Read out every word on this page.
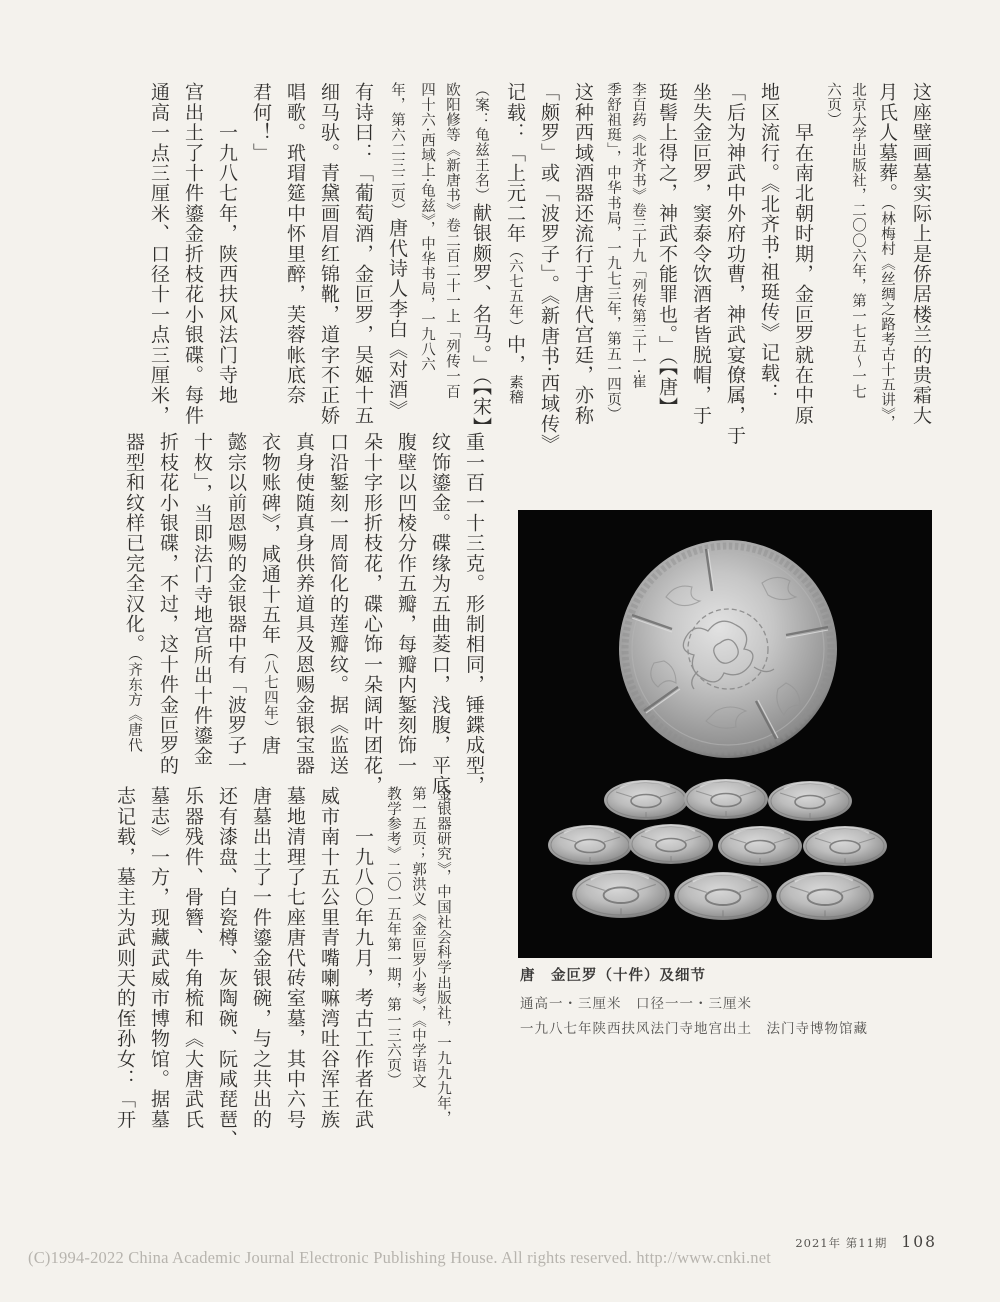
这座壁画墓实际上是侨居楼兰的贵霜大
月氏人墓葬。（林梅村《丝绸之路考古十五讲》，
北京大学出版社，二〇〇六年，第一七五～一七
六页）
　　早在南北朝时期，金叵罗就在中原
地区流行。《北齐书·祖珽传》记载：
「后为神武中外府功曹，神武宴僚属，于
坐失金叵罗，窦泰令饮酒者皆脱帽，于
珽髻上得之，神武不能罪也。」（【唐】
李百药《北齐书》卷三十九「列传第三十一·崔
季舒祖珽」，中华书局，一九七三年，第五一四页）
这种西域酒器还流行于唐代宫廷，亦称
「颇罗」或「波罗子」。《新唐书·西域传》
记载：「上元二年（六七五年）中，素稽
（案：龟兹王名）献银颇罗、名马。」（【宋】
欧阳修等《新唐书》卷二百二十一上「列传一百
四十六·西域上·龟兹》，中华书局，一九八六
年，第六二三二页）唐代诗人李白《对酒》
有诗曰：「葡萄酒，金叵罗，吴姬十五
细马驮。青黛画眉红锦靴，道字不正娇
唱歌。玳瑁筵中怀里醉，芙蓉帐底奈
君何！」
　　一九八七年，陕西扶风法门寺地
宫出土了十件鎏金折枝花小银碟。每件
通高一点三厘米、口径十一点三厘米，
重一百一十三克。形制相同，锤鍱成型，
纹饰鎏金。碟缘为五曲菱口，浅腹，平底。
腹壁以凹棱分作五瓣，每瓣内錾刻饰一
朵十字形折枝花，碟心饰一朵阔叶团花，
口沿錾刻一周简化的莲瓣纹。据《监送
真身使随真身供养道具及恩赐金银宝器
衣物账碑》，咸通十五年（八七四年）唐
懿宗以前恩赐的金银器中有「波罗子一
十枚」，当即法门寺地宫所出十件鎏金
折枝花小银碟，不过，这十件金叵罗的
器型和纹样已完全汉化。（齐东方《唐代
金银器研究》，中国社会科学出版社，一九九九年，
第一五页；郭洪义《金叵罗小考》，《中学语文
教学参考》二〇一五年第一期，第一三六页）
　　一九八〇年九月，考古工作者在武
威市南十五公里青嘴喇嘛湾吐谷浑王族
墓地清理了七座唐代砖室墓，其中六号
唐墓出土了一件鎏金银碗，与之共出的
还有漆盘、白瓷樽、灰陶碗、阮咸琵琶、
乐器残件、骨簪、牛角梳和《大唐武氏
墓志》一方，现藏武威市博物馆。据墓
志记载，墓主为武则天的侄孙女：「开	唐　金叵罗（十件）及细节
通高一・三厘米　口径一一・三厘米
一九八七年陕西扶风法门寺地宫出土　法门寺博物馆藏
2021年 第11期 108
(C)1994-2022 China Academic Journal Electronic Publishing House. All rights reserved. http://www.cnki.net
